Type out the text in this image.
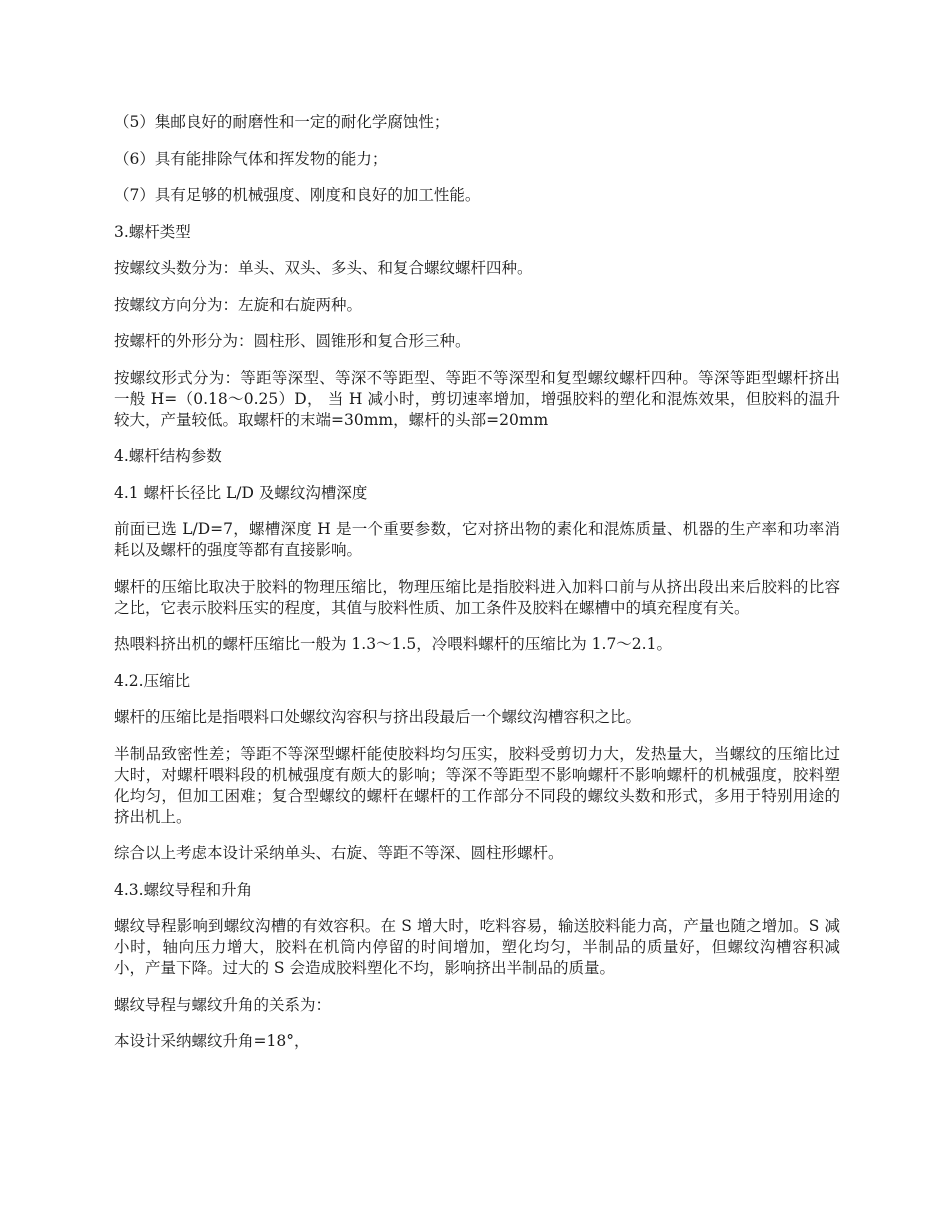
（5）集邮良好的耐磨性和一定的耐化学腐蚀性；

（6）具有能排除气体和挥发物的能力；

（7）具有足够的机械强度、刚度和良好的加工性能。

3.螺杆类型

按螺纹头数分为：单头、双头、多头、和复合螺纹螺杆四种。

按螺纹方向分为：左旋和右旋两种。

按螺杆的外形分为：圆柱形、圆锥形和复合形三种。

按螺纹形式分为：等距等深型、等深不等距型、等距不等深型和复型螺纹螺杆四种。等深等距型螺杆挤出一般 H=（0.18～0.25）D， 当 H 减小时，剪切速率增加，增强胶料的塑化和混炼效果，但胶料的温升较大，产量较低。取螺杆的末端=30mm，螺杆的头部=20mm

4.螺杆结构参数

4.1 螺杆长径比 L/D 及螺纹沟槽深度

前面已选 L/D=7，螺槽深度 H 是一个重要参数，它对挤出物的素化和混炼质量、机器的生产率和功率消耗以及螺杆的强度等都有直接影响。

螺杆的压缩比取决于胶料的物理压缩比，物理压缩比是指胶料进入加料口前与从挤出段出来后胶料的比容之比，它表示胶料压实的程度，其值与胶料性质、加工条件及胶料在螺槽中的填充程度有关。

热喂料挤出机的螺杆压缩比一般为 1.3～1.5，冷喂料螺杆的压缩比为 1.7～2.1。

4.2.压缩比

螺杆的压缩比是指喂料口处螺纹沟容积与挤出段最后一个螺纹沟槽容积之比。

半制品致密性差；等距不等深型螺杆能使胶料均匀压实，胶料受剪切力大，发热量大，当螺纹的压缩比过大时，对螺杆喂料段的机械强度有颇大的影响；等深不等距型不影响螺杆不影响螺杆的机械强度，胶料塑化均匀，但加工困难；复合型螺纹的螺杆在螺杆的工作部分不同段的螺纹头数和形式，多用于特别用途的挤出机上。

综合以上考虑本设计采纳单头、右旋、等距不等深、圆柱形螺杆。

4.3.螺纹导程和升角

螺纹导程影响到螺纹沟槽的有效容积。在 S 增大时，吃料容易，输送胶料能力高，产量也随之增加。S 减小时，轴向压力增大，胶料在机筒内停留的时间增加，塑化均匀，半制品的质量好，但螺纹沟槽容积减小，产量下降。过大的 S 会造成胶料塑化不均，影响挤出半制品的质量。

螺纹导程与螺纹升角的关系为：

本设计采纳螺纹升角=18°，
